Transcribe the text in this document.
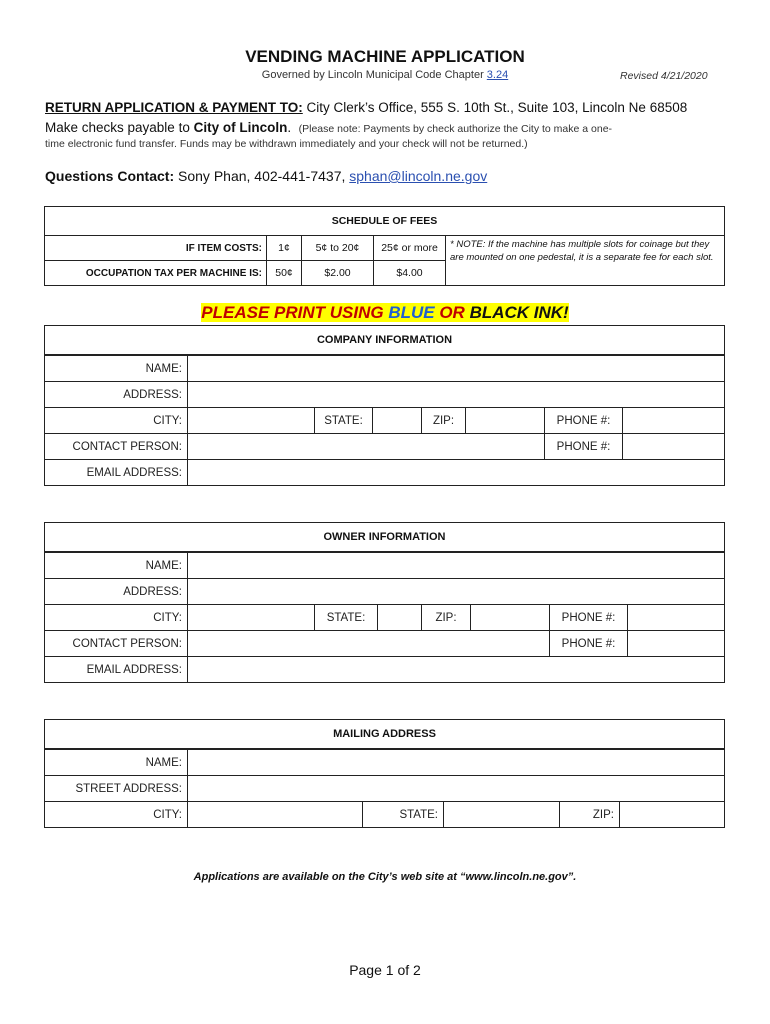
VENDING MACHINE APPLICATION
Governed by Lincoln Municipal Code Chapter 3.24	Revised 4/21/2020
RETURN APPLICATION & PAYMENT TO: City Clerk’s Office, 555 S. 10th St., Suite 103, Lincoln Ne 68508
Make checks payable to City of Lincoln. (Please note: Payments by check authorize the City to make a one-
time electronic fund transfer. Funds may be withdrawn immediately and your check will not be returned.)
Questions Contact: Sony Phan, 402-441-7437, sphan@lincoln.ne.gov
SCHEDULE OF FEES				
IF ITEM COSTS:	1¢	5¢ to 20¢	25¢ or more	* NOTE: If the machine has multiple slots for coinage but they are mounted on one pedestal, it is a separate fee for each slot.
OCCUPATION TAX PER MACHINE IS:	50¢	$2.00	$4.00	
PLEASE PRINT USING BLUE OR BLACK INK!
COMPANY INFORMATION							
NAME:							
ADDRESS:							
CITY:		STATE:		ZIP:		PHONE #:	
CONTACT PERSON:						PHONE #:	
EMAIL ADDRESS:							
OWNER INFORMATION							
NAME:							
ADDRESS:							
CITY:		STATE:		ZIP:		PHONE #:	
CONTACT PERSON:						PHONE #:	
EMAIL ADDRESS:							
MAILING ADDRESS					
NAME:					
STREET ADDRESS:					
CITY:		STATE:		ZIP:	
Applications are available on the City’s web site at “www.lincoln.ne.gov”.
Page 1 of 2
